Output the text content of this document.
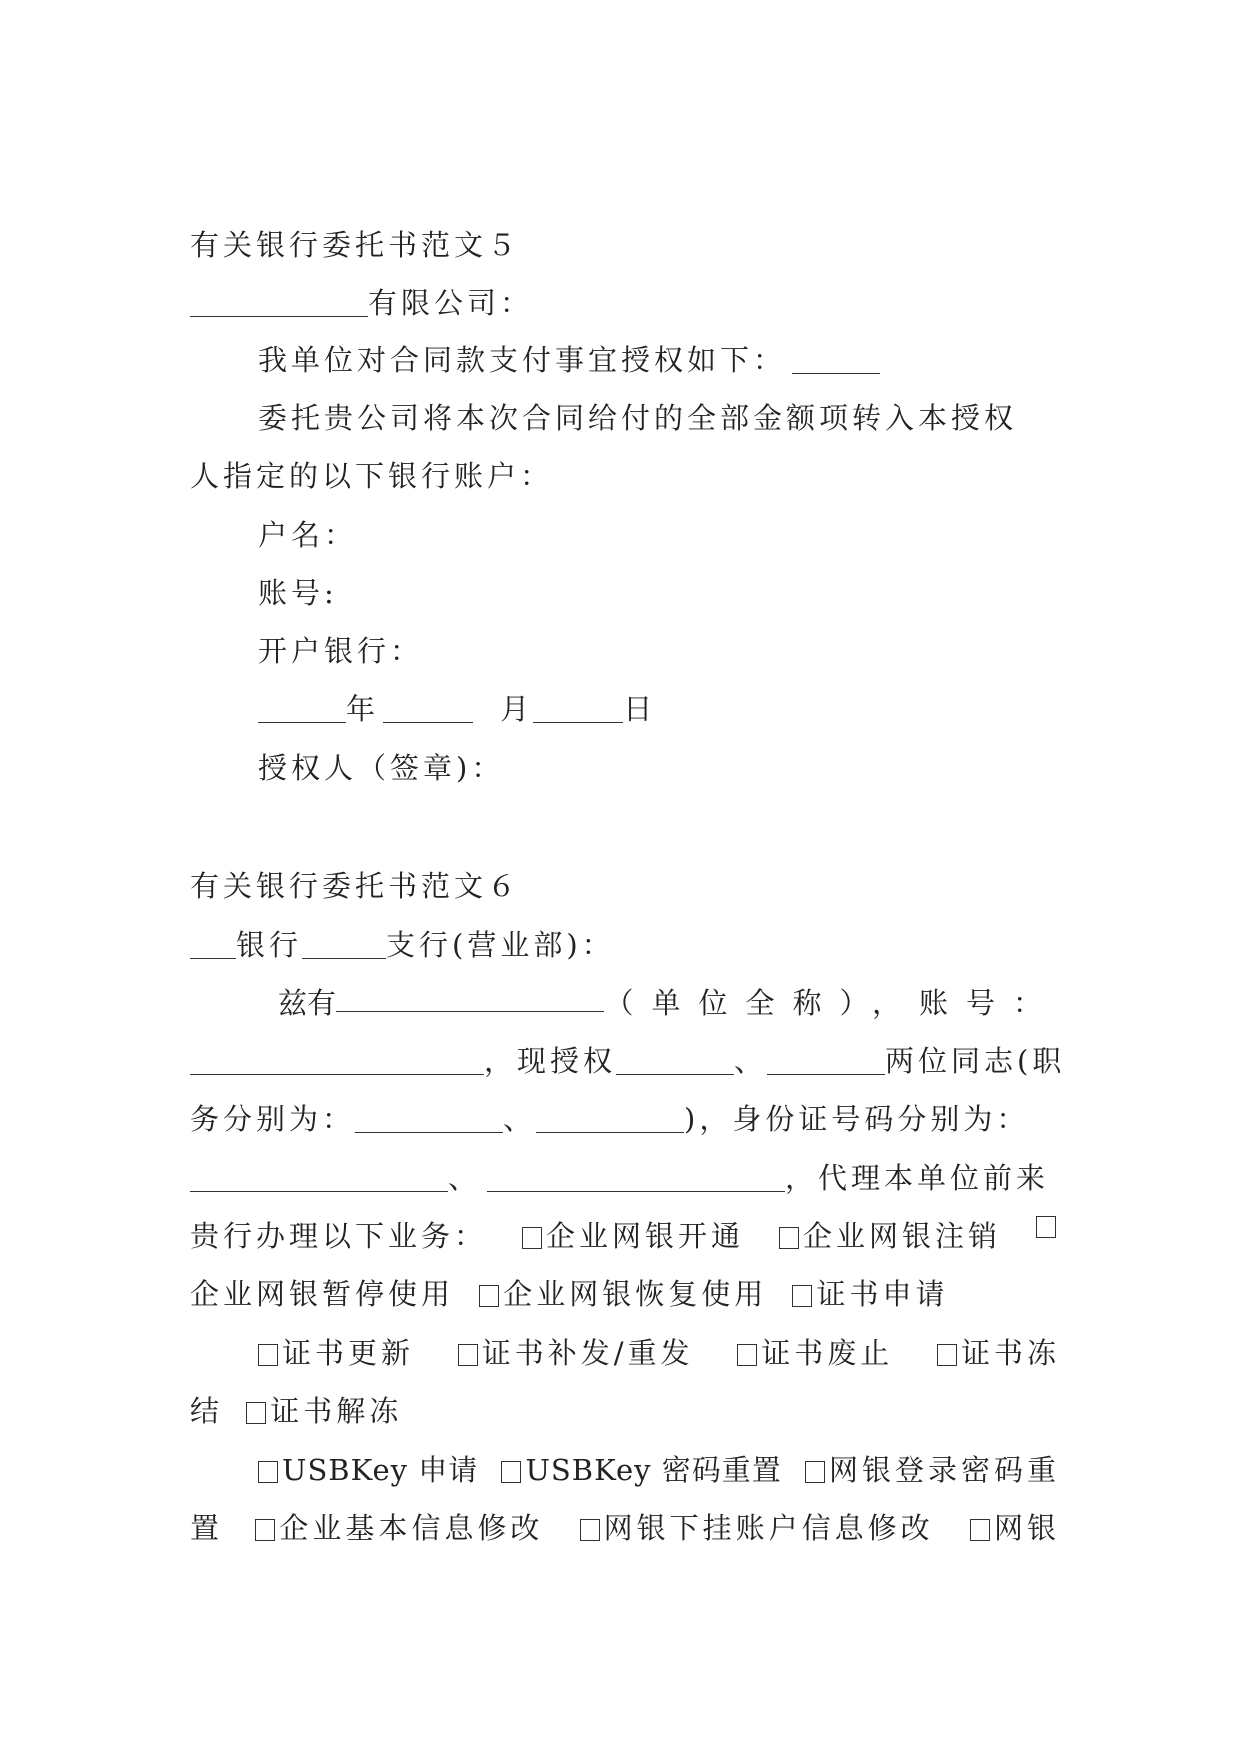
有关银行委托书范文５
有限公司：
我单位对合同款支付事宜授权如下：
委托贵公司将本次合同给付的全部金额项转入本授权
人指定的以下银行账户：
户名：
账号:
开户银行：
年	月	日
授权人（签章)：
有关银行委托书范文６
银行	支行(营业部)：
兹 有	（单位全称）， 账号：
，现授权	、	两位同志(职
务分别为：	、	)，身份证号码分别为：
、	，代理本单位前来
贵行办理以下业务：	企业网银开通	企业网银注销
企业网银暂停使用 企业网银恢复使用 证书申请
证书更新	证书补发/重发	证书废止	证书冻
结 证书解冻
USBKey 申请	USBKey 密码重置	网银登录密码重
置	企业基本信息修改	网银下挂账户信息修改	网银
